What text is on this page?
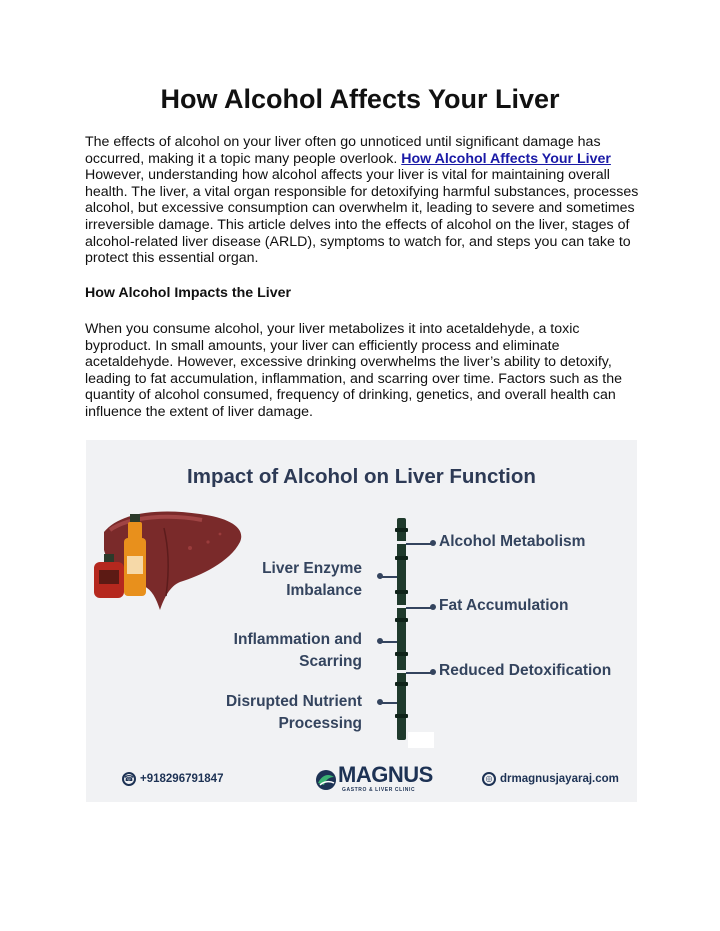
How Alcohol Affects Your Liver

The effects of alcohol on your liver often go unnoticed until significant damage has occurred, making it a topic many people overlook. How Alcohol Affects Your Liver However, understanding how alcohol affects your liver is vital for maintaining overall health. The liver, a vital organ responsible for detoxifying harmful substances, processes alcohol, but excessive consumption can overwhelm it, leading to severe and sometimes irreversible damage. This article delves into the effects of alcohol on the liver, stages of alcohol-related liver disease (ARLD), symptoms to watch for, and steps you can take to protect this essential organ.

How Alcohol Impacts the Liver

When you consume alcohol, your liver metabolizes it into acetaldehyde, a toxic byproduct. In small amounts, your liver can efficiently process and eliminate acetaldehyde. However, excessive drinking overwhelms the liver’s ability to detoxify, leading to fat accumulation, inflammation, and scarring over time. Factors such as the quantity of alcohol consumed, frequency of drinking, genetics, and overall health can influence the extent of liver damage.

Impact of Alcohol on Liver Function
Alcohol Metabolism
Fat Accumulation
Reduced Detoxification
Liver Enzyme
Imbalance
Inflammation and
Scarring
Disrupted Nutrient
Processing
☎ +918296791847	MAGNUS
GASTRO & LIVER CLINIC
◎ drmagnusjayaraj.com
